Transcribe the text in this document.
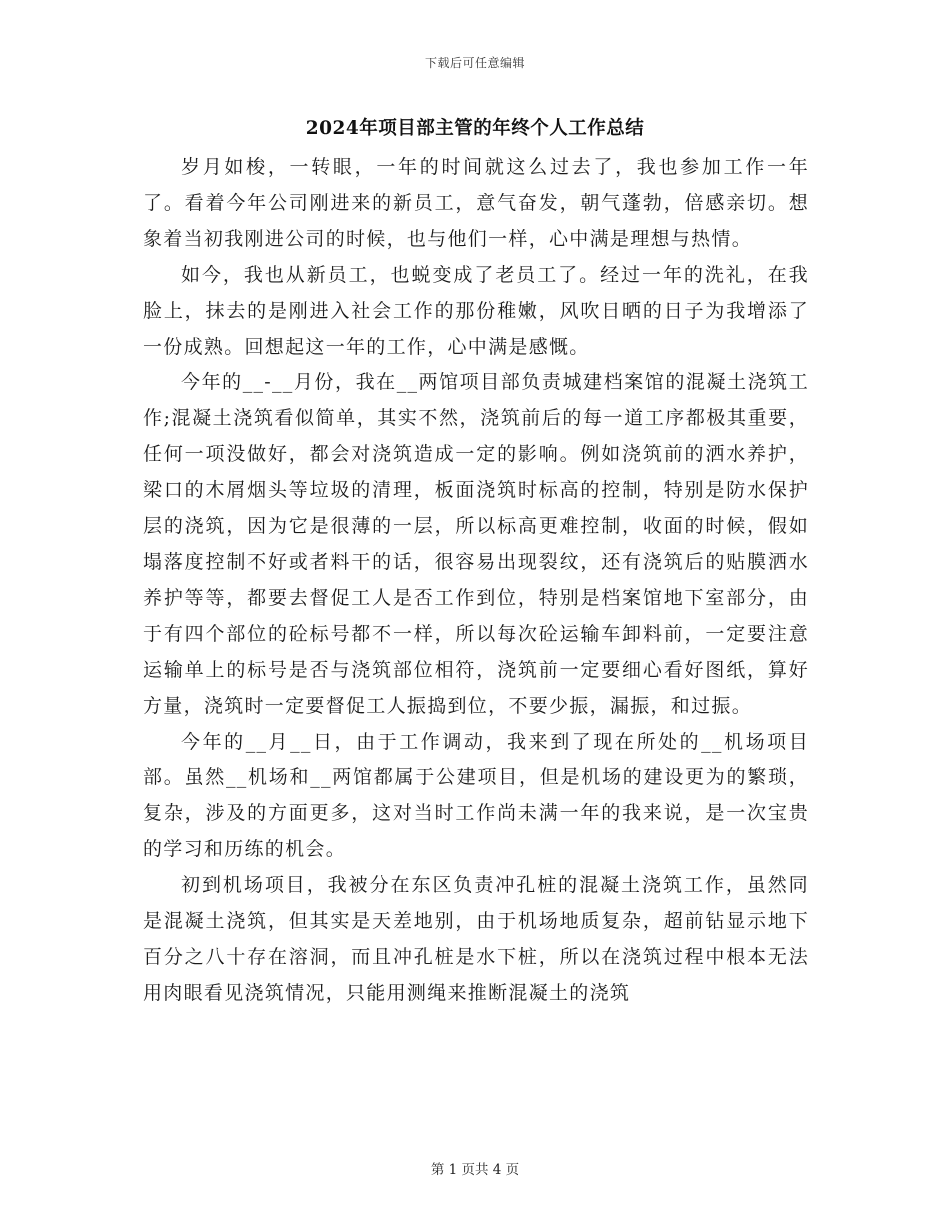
下载后可任意编辑
2024年项目部主管的年终个人工作总结

岁月如梭，一转眼，一年的时间就这么过去了，我也参加工作一年了。看着今年公司刚进来的新员工，意气奋发，朝气蓬勃，倍感亲切。想象着当初我刚进公司的时候，也与他们一样，心中满是理想与热情。

如今，我也从新员工，也蜕变成了老员工了。经过一年的洗礼，在我脸上，抹去的是刚进入社会工作的那份稚嫩，风吹日晒的日子为我增添了一份成熟。回想起这一年的工作，心中满是感慨。

今年的__-__月份，我在__两馆项目部负责城建档案馆的混凝土浇筑工作;混凝土浇筑看似简单，其实不然，浇筑前后的每一道工序都极其重要，任何一项没做好，都会对浇筑造成一定的影响。例如浇筑前的洒水养护，梁口的木屑烟头等垃圾的清理，板面浇筑时标高的控制，特别是防水保护层的浇筑，因为它是很薄的一层，所以标高更难控制，收面的时候，假如塌落度控制不好或者料干的话，很容易出现裂纹，还有浇筑后的贴膜洒水养护等等，都要去督促工人是否工作到位，特别是档案馆地下室部分，由于有四个部位的砼标号都不一样，所以每次砼运输车卸料前，一定要注意运输单上的标号是否与浇筑部位相符，浇筑前一定要细心看好图纸，算好方量，浇筑时一定要督促工人振捣到位，不要少振，漏振，和过振。

今年的__月__日，由于工作调动，我来到了现在所处的__机场项目部。虽然__机场和__两馆都属于公建项目，但是机场的建设更为的繁琐，复杂，涉及的方面更多，这对当时工作尚未满一年的我来说，是一次宝贵的学习和历练的机会。

初到机场项目，我被分在东区负责冲孔桩的混凝土浇筑工作，虽然同是混凝土浇筑，但其实是天差地别，由于机场地质复杂，超前钻显示地下百分之八十存在溶洞，而且冲孔桩是水下桩，所以在浇筑过程中根本无法用肉眼看见浇筑情况，只能用测绳来推断混凝土的浇筑

第 1 页共 4 页
